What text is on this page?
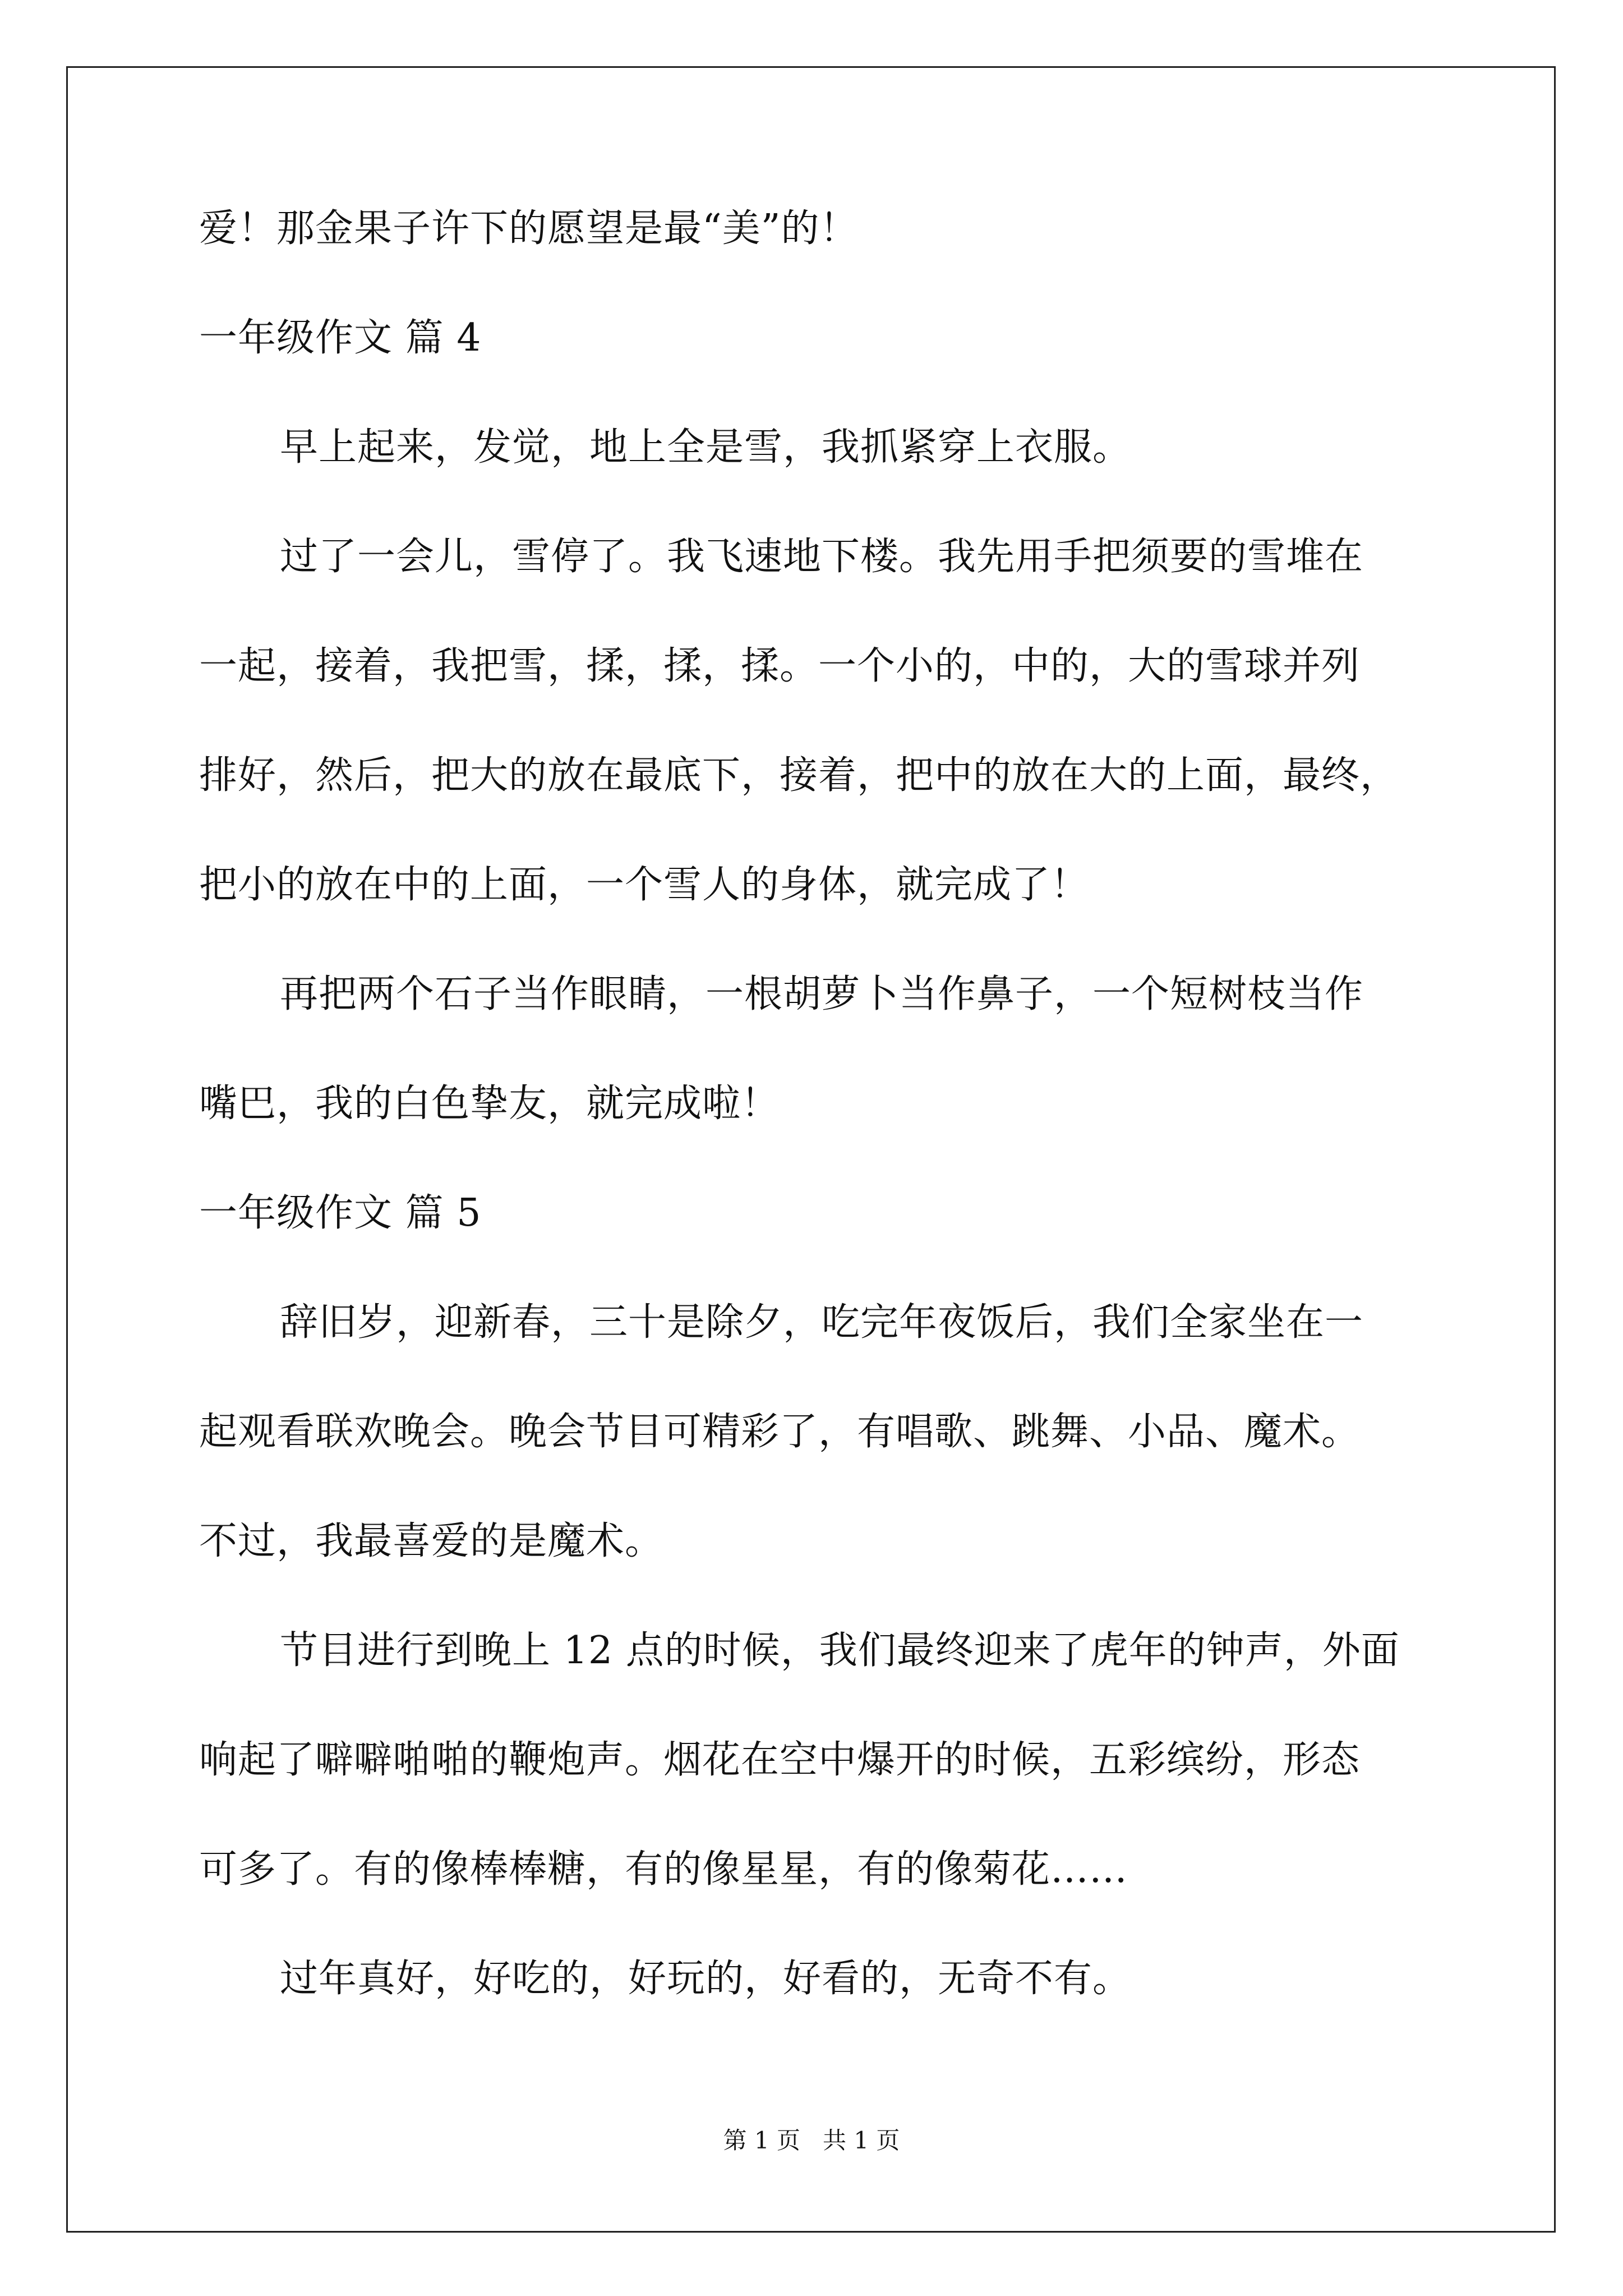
爱！那金果子许下的愿望是最“美”的！
一年级作文 篇 4
早上起来，发觉，地上全是雪，我抓紧穿上衣服。
过了一会儿，雪停了。我飞速地下楼。我先用手把须要的雪堆在
一起，接着，我把雪，揉，揉，揉。一个小的，中的，大的雪球并列
排好，然后，把大的放在最底下，接着，把中的放在大的上面，最终，
把小的放在中的上面，一个雪人的身体，就完成了！
再把两个石子当作眼睛，一根胡萝卜当作鼻子，一个短树枝当作
嘴巴，我的白色挚友，就完成啦！
一年级作文 篇 5
辞旧岁，迎新春，三十是除夕，吃完年夜饭后，我们全家坐在一
起观看联欢晚会。晚会节目可精彩了，有唱歌、跳舞、小品、魔术。
不过，我最喜爱的是魔术。
节目进行到晚上 12 点的时候，我们最终迎来了虎年的钟声，外面
响起了噼噼啪啪的鞭炮声。烟花在空中爆开的时候，五彩缤纷，形态
可多了。有的像棒棒糖，有的像星星，有的像菊花……
过年真好，好吃的，好玩的，好看的，无奇不有。
第 1 页 共 1 页
